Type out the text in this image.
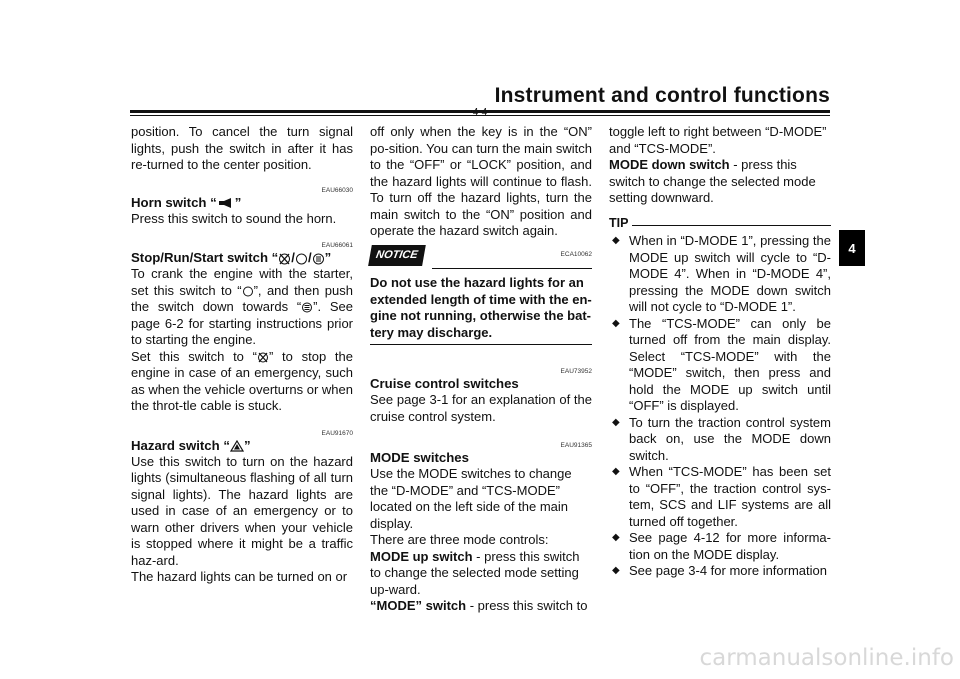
Instrument and control functions
4-4
4

position. To cancel the turn signal lights, push the switch in after it has re-turned to the center position.

EAU66030
Horn switch “ ”

Press this switch to sound the horn.

EAU66061
Stop/Run/Start switch “ / / ”

To crank the engine with the starter, set this switch to “ ”, and then push the switch down towards “ ”. See page 6-2 for starting instructions prior to starting the engine.

Set this switch to “ ” to stop the engine in case of an emergency, such as when the vehicle overturns or when the throt-tle cable is stuck.

EAU91670
Hazard switch “ ”

Use this switch to turn on the hazard lights (simultaneous flashing of all turn signal lights). The hazard lights are used in case of an emergency or to warn other drivers when your vehicle is stopped where it might be a traffic haz-ard.

The hazard lights can be turned on or

off only when the key is in the “ON” po-sition. You can turn the main switch to the “OFF” or “LOCK” position, and the hazard lights will continue to flash. To turn off the hazard lights, turn the main switch to the “ON” position and operate the hazard switch again.

NOTICE	ECA10062

Do not use the hazard lights for an extended length of time with the en-gine not running, otherwise the bat-tery may discharge.

EAU73952
Cruise control switches

See page 3-1 for an explanation of the cruise control system.

EAU91365
MODE switches

Use the MODE switches to change the “D-MODE” and “TCS-MODE” located on the left side of the main display.

There are three mode controls:

MODE up switch - press this switch to change the selected mode setting up-ward.

“MODE” switch - press this switch to

toggle left to right between “D-MODE” and “TCS-MODE”.

MODE down switch - press this switch to change the selected mode setting downward.

TIP
◆ When in “D-MODE 1”, pressing the MODE up switch will cycle to “D-MODE 4”. When in “D-MODE 4”, pressing the MODE down switch will not cycle to “D-MODE 1”.
◆ The “TCS-MODE” can only be turned off from the main display. Select “TCS-MODE” with the “MODE” switch, then press and hold the MODE up switch until “OFF” is displayed.
◆ To turn the traction control system back on, use the MODE down switch.
◆ When “TCS-MODE” has been set to “OFF”, the traction control sys-tem, SCS and LIF systems are all turned off together.
◆ See page 4-12 for more informa-tion on the MODE display.
◆ See page 3-4 for more information
carmanualsonline.info
